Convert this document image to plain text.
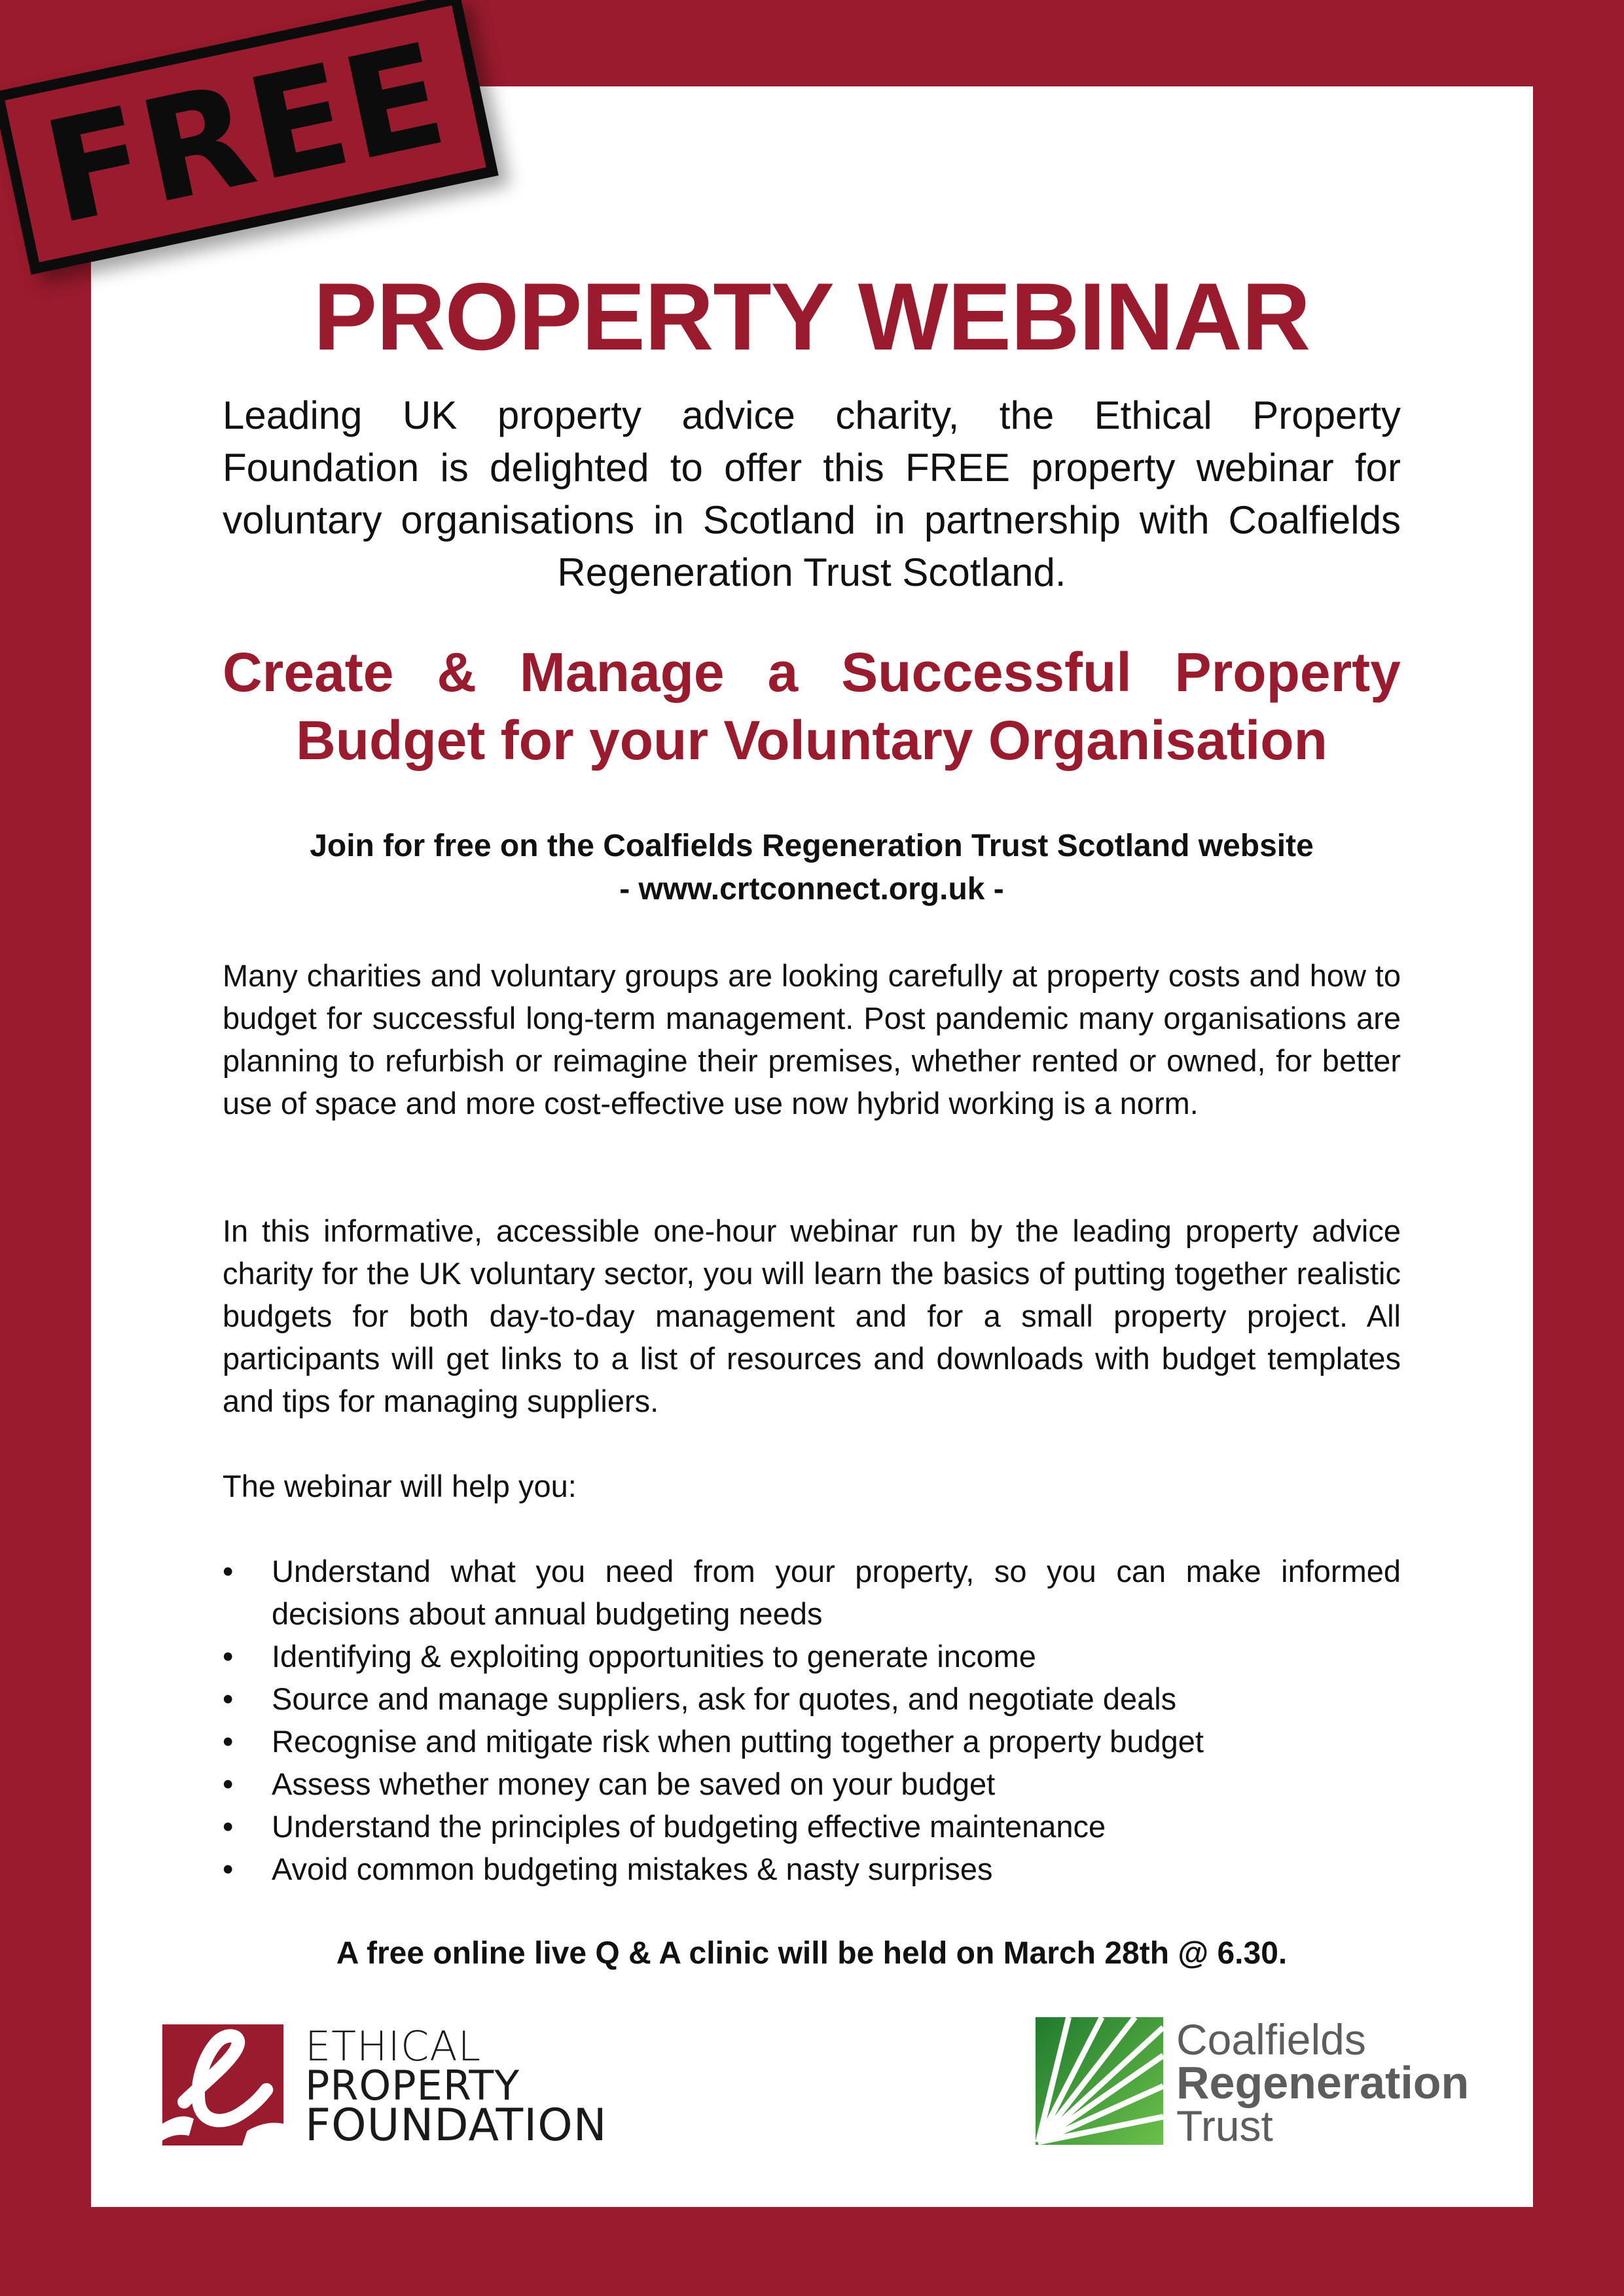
FREE
PROPERTY WEBINAR
Leading UK property advice charity, the Ethical Property Foundation is delighted to offer this FREE property webinar for voluntary organisations in Scotland in partnership with Coalfields Regeneration Trust Scotland.
Create & Manage a Successful Property Budget for your Voluntary Organisation
Join for free on the Coalfields Regeneration Trust Scotland website
- www.crtconnect.org.uk -
Many charities and voluntary groups are looking carefully at property costs and how to budget for successful long-term management. Post pandemic many organisations are planning to refurbish or reimagine their premises, whether rented or owned, for better use of space and more cost-effective use now hybrid working is a norm.
In this informative, accessible one-hour webinar run by the leading property advice charity for the UK voluntary sector, you will learn the basics of putting together realistic budgets for both day-to-day management and for a small property project. All participants will get links to a list of resources and downloads with budget templates and tips for managing suppliers.
The webinar will help you:
• Understand what you need from your property, so you can make informed decisions about annual budgeting needs
• Identifying & exploiting opportunities to generate income
• Source and manage suppliers, ask for quotes, and negotiate deals
• Recognise and mitigate risk when putting together a property budget
• Assess whether money can be saved on your budget
• Understand the principles of budgeting effective maintenance
• Avoid common budgeting mistakes & nasty surprises
A free online live Q & A clinic will be held on March 28th @ 6.30.
ETHICAL
PROPERTY
FOUNDATION
Coalfields
Regeneration
Trust
